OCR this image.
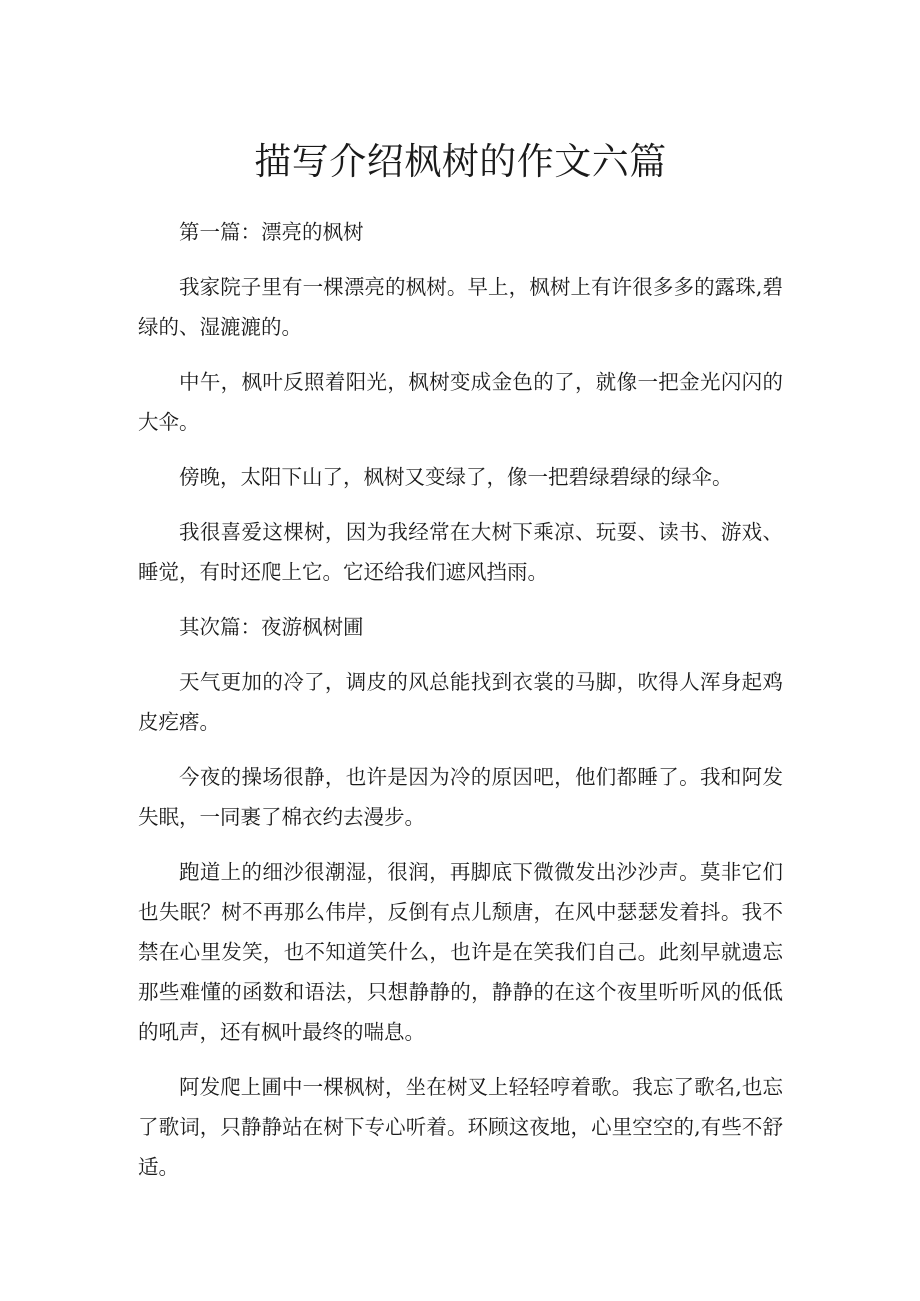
描写介绍枫树的作文六篇

第一篇：漂亮的枫树

我家院子里有一棵漂亮的枫树。早上，枫树上有许很多多的露珠,碧绿的、湿漉漉的。

中午，枫叶反照着阳光，枫树变成金色的了，就像一把金光闪闪的大伞。

傍晚，太阳下山了，枫树又变绿了，像一把碧绿碧绿的绿伞。

我很喜爱这棵树，因为我经常在大树下乘凉、玩耍、读书、游戏、睡觉，有时还爬上它。它还给我们遮风挡雨。

其次篇：夜游枫树圃

天气更加的冷了，调皮的风总能找到衣裳的马脚，吹得人浑身起鸡皮疙瘩。

今夜的操场很静，也许是因为冷的原因吧，他们都睡了。我和阿发失眠，一同裹了棉衣约去漫步。

跑道上的细沙很潮湿，很润，再脚底下微微发出沙沙声。莫非它们也失眠？树不再那么伟岸，反倒有点儿颓唐，在风中瑟瑟发着抖。我不禁在心里发笑，也不知道笑什么，也许是在笑我们自己。此刻早就遗忘那些难懂的函数和语法，只想静静的，静静的在这个夜里听听风的低低的吼声，还有枫叶最终的喘息。

阿发爬上圃中一棵枫树，坐在树叉上轻轻哼着歌。我忘了歌名,也忘了歌词，只静静站在树下专心听着。环顾这夜地，心里空空的,有些不舒适。
